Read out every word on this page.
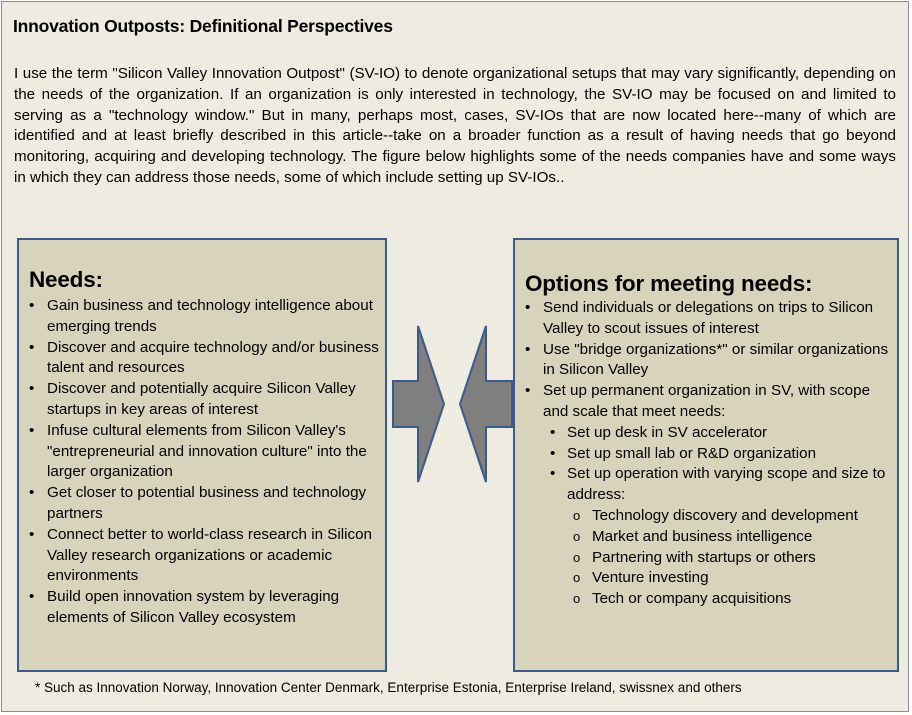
Innovation Outposts: Definitional Perspectives
I use the term "Silicon Valley Innovation Outpost" (SV-IO) to denote organizational setups that may vary significantly, depending on the needs of the organization. If an organization is only interested in technology, the SV-IO may be focused on and limited to serving as a "technology window." But in many, perhaps most, cases, SV-IOs that are now located here--many of which are identified and at least briefly described in this article--take on a broader function as a result of having needs that go beyond monitoring, acquiring and developing technology. The figure below highlights some of the needs companies have and some ways in which they can address those needs, some of which include setting up SV-IOs..
Needs:
• Gain business and technology intelligence about emerging trends
• Discover and acquire technology and/or business talent and resources
• Discover and potentially acquire Silicon Valley startups in key areas of interest
• Infuse cultural elements from Silicon Valley's "entrepreneurial and innovation culture" into the larger organization
• Get closer to potential business and technology partners
• Connect better to world-class research in Silicon Valley research organizations or academic environments
• Build open innovation system by leveraging elements of Silicon Valley ecosystem
Options for meeting needs:
• Send individuals or delegations on trips to Silicon Valley to scout issues of interest
• Use "bridge organizations*" or similar organizations in Silicon Valley
• Set up permanent organization in SV, with scope and scale that meet needs:
• Set up desk in SV accelerator
• Set up small lab or R&D organization
• Set up operation with varying scope and size to address:
o Technology discovery and development
o Market and business intelligence
o Partnering with startups or others
o Venture investing
o Tech or company acquisitions
* Such as Innovation Norway, Innovation Center Denmark, Enterprise Estonia, Enterprise Ireland, swissnex and others
